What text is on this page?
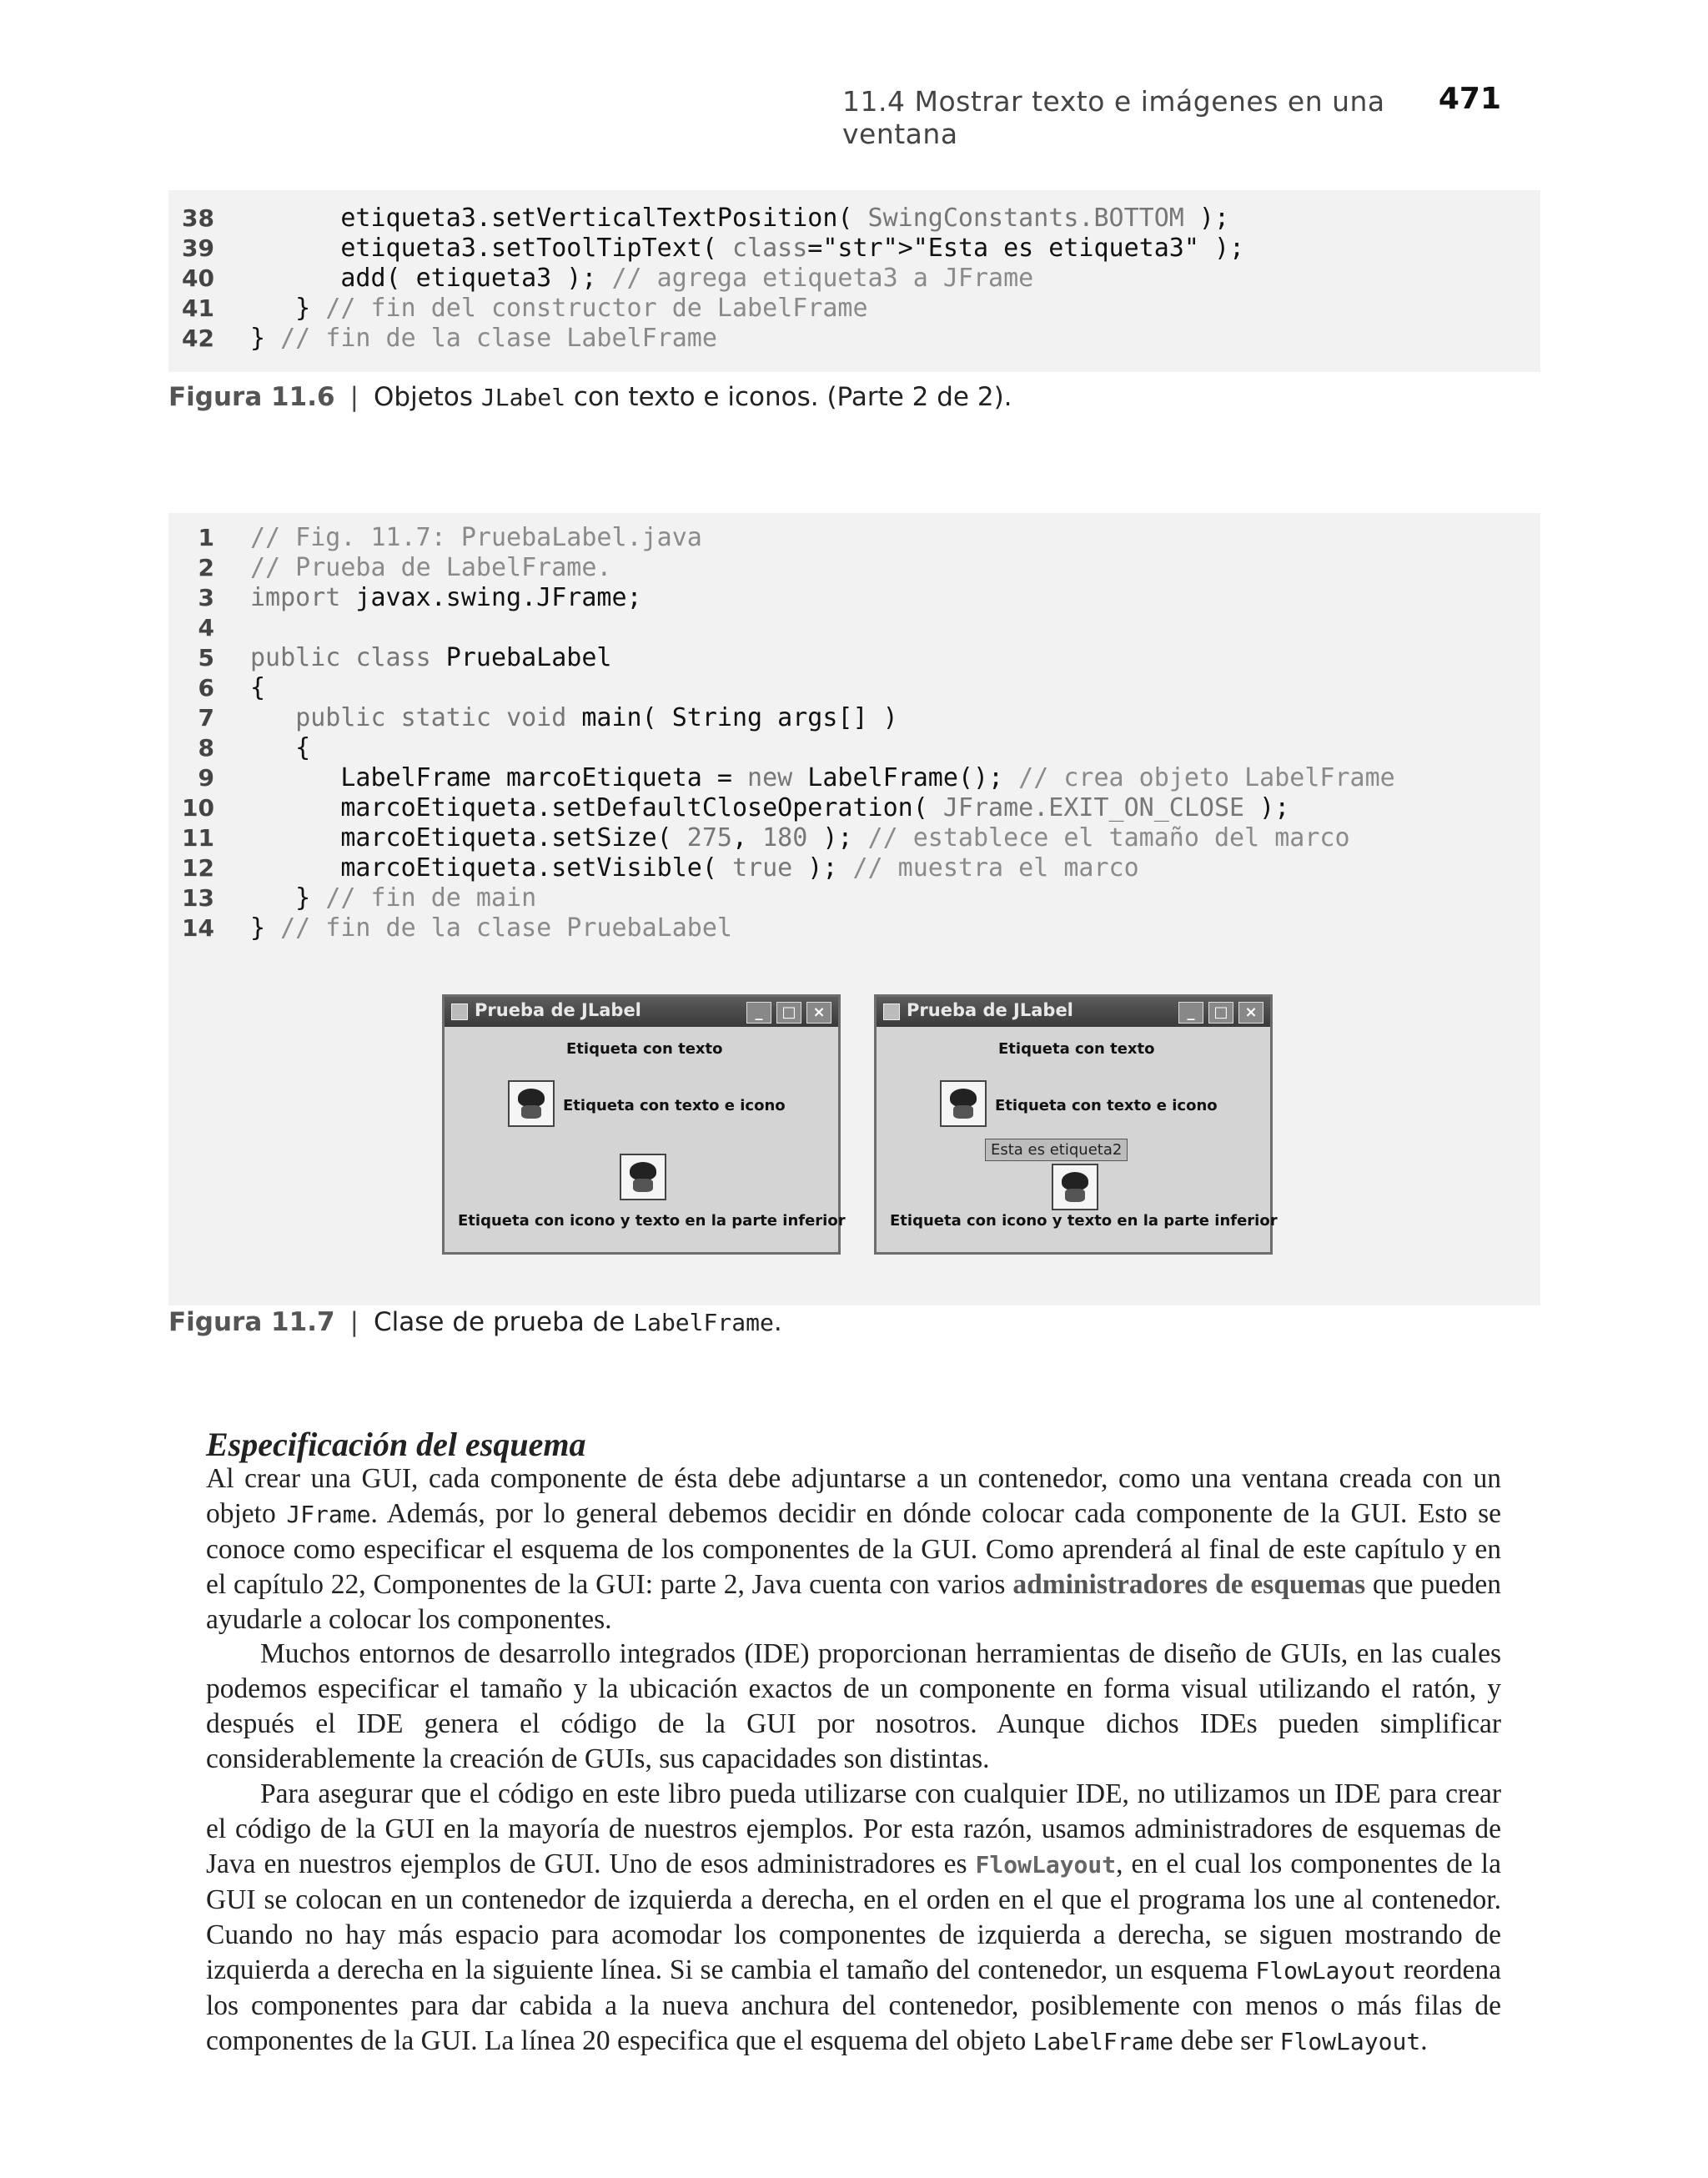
11.4 Mostrar texto e imágenes en una ventana
471
38 etiqueta3.setVerticalTextPosition( SwingConstants.BOTTOM );
39 etiqueta3.setToolTipText( class="str">"Esta es etiqueta3" );
40 add( etiqueta3 ); // agrega etiqueta3 a JFrame
41 } // fin del constructor de LabelFrame
42 } // fin de la clase LabelFrame
Figura 11.6 | Objetos JLabel con texto e iconos. (Parte 2 de 2).
1 // Fig. 11.7: PruebaLabel.java
2 // Prueba de LabelFrame.
3 import javax.swing.JFrame;
4
5 public class PruebaLabel
6 {
7	public static void main( String args[] )
8 {
9 LabelFrame marcoEtiqueta = new LabelFrame(); // crea objeto LabelFrame
10 marcoEtiqueta.setDefaultCloseOperation( JFrame.EXIT_ON_CLOSE );
11 marcoEtiqueta.setSize( 275, 180 ); // establece el tamaño del marco
12 marcoEtiqueta.setVisible( true ); // muestra el marco
13 } // fin de main
14 } // fin de la clase PruebaLabel
Prueba de JLabel	_	□	×
Etiqueta con texto
Etiqueta con texto e icono
Etiqueta con icono y texto en la parte inferior
Prueba de JLabel	_	□	×
Etiqueta con texto
Etiqueta con texto e icono
Esta es etiqueta2
Etiqueta con icono y texto en la parte inferior
Figura 11.7 | Clase de prueba de LabelFrame.
Especificación del esquema

Al crear una GUI, cada componente de ésta debe adjuntarse a un contenedor, como una ventana creada con un objeto JFrame. Además, por lo general debemos decidir en dónde colocar cada componente de la GUI. Esto se conoce como especificar el esquema de los componentes de la GUI. Como aprenderá al final de este capítulo y en el capítulo 22, Componentes de la GUI: parte 2, Java cuenta con varios administradores de esquemas que pueden ayudarle a colocar los componentes.

Muchos entornos de desarrollo integrados (IDE) proporcionan herramientas de diseño de GUIs, en las cuales podemos especificar el tamaño y la ubicación exactos de un componente en forma visual utilizando el ratón, y después el IDE genera el código de la GUI por nosotros. Aunque dichos IDEs pueden simplificar considerablemente la creación de GUIs, sus capacidades son distintas.

Para asegurar que el código en este libro pueda utilizarse con cualquier IDE, no utilizamos un IDE para crear el código de la GUI en la mayoría de nuestros ejemplos. Por esta razón, usamos administradores de esquemas de Java en nuestros ejemplos de GUI. Uno de esos administradores es FlowLayout, en el cual los componentes de la GUI se colocan en un contenedor de izquierda a derecha, en el orden en el que el programa los une al contenedor. Cuando no hay más espacio para acomodar los componentes de izquierda a derecha, se siguen mostrando de izquierda a derecha en la siguiente línea. Si se cambia el tamaño del contenedor, un esquema FlowLayout reordena los componentes para dar cabida a la nueva anchura del contenedor, posiblemente con menos o más filas de componentes de la GUI. La línea 20 especifica que el esquema del objeto LabelFrame debe ser FlowLayout.
